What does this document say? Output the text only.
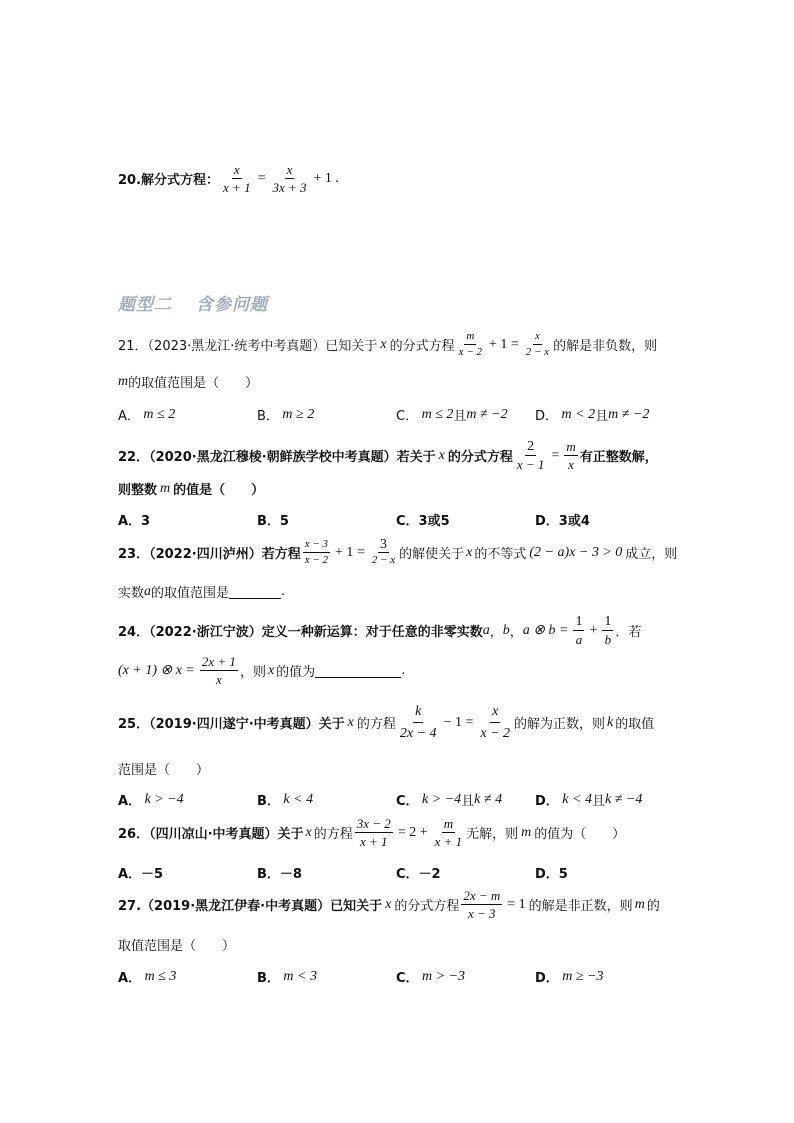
20.解分式方程： $\frac{x}{x + 1} = \frac{x}{3x + 3} + 1$ .
题型二 含参问题
21．（2023·黑龙江·统考中考真题）已知关于 x 的分式方程 $\frac{m}{x - 2} + 1 = \frac{x}{2 - x}$ 的解是非负数，则
m 的取值范围是（　　）
A． m ≤ 2	B． m ≥ 2	C． m ≤ 2 且 m ≠ −2 D． m < 2 且 m ≠ −2
22．（2020·黑龙江穆棱·朝鲜族学校中考真题）若关于 x 的分式方程 $\frac{2}{x - 1} = \frac{m}{x}$ 有正整数解，
则整数 m 的值是（　　）
A．3	B．5	C．3或5	D．3或4
23．（2022·四川泸州）若方程 $\frac{x - 3}{x - 2} + 1 = \frac{3}{2 - x}$ 的解使关于 x 的不等式 (2 − a)x − 3 > 0 成立，则
实数 a 的取值范围是	.
24．（2022·浙江宁波）定义一种新运算：对于任意的非零实数 a ， b ， a ⊗ $b = \frac{1}{a} + \frac{1}{b}$ ．若
(x + 1) ⊗ $x = \frac{2x + 1}{x}$ ，则 x 的值为	.
25．（2019·四川遂宁·中考真题）关于 x 的方程 $\frac{k}{2x - 4} - 1 = \frac{x}{x - 2}$ 的解为正数，则 k 的取值
范围是（　　）
A． k > −4	B． k < 4	C． k > −4 且 k ≠ 4	D． k < 4 且 k ≠ −4
26．（四川凉山·中考真题）关于 x 的方程 $\frac{3x - 2}{x + 1} = 2 + \frac{m}{x + 1}$ 无解，则 m 的值为（　　）
A．－5	B．－8	C．－2	D．5
27.（2019·黑龙江伊春·中考真题）已知关于 x 的分式方程 $\frac{2x - m}{x - 3} = 1$ 的解是非正数，则 m 的
取值范围是（　　）
A． m ≤ 3	B． m < 3	C． m > −3	D． m ≥ −3
